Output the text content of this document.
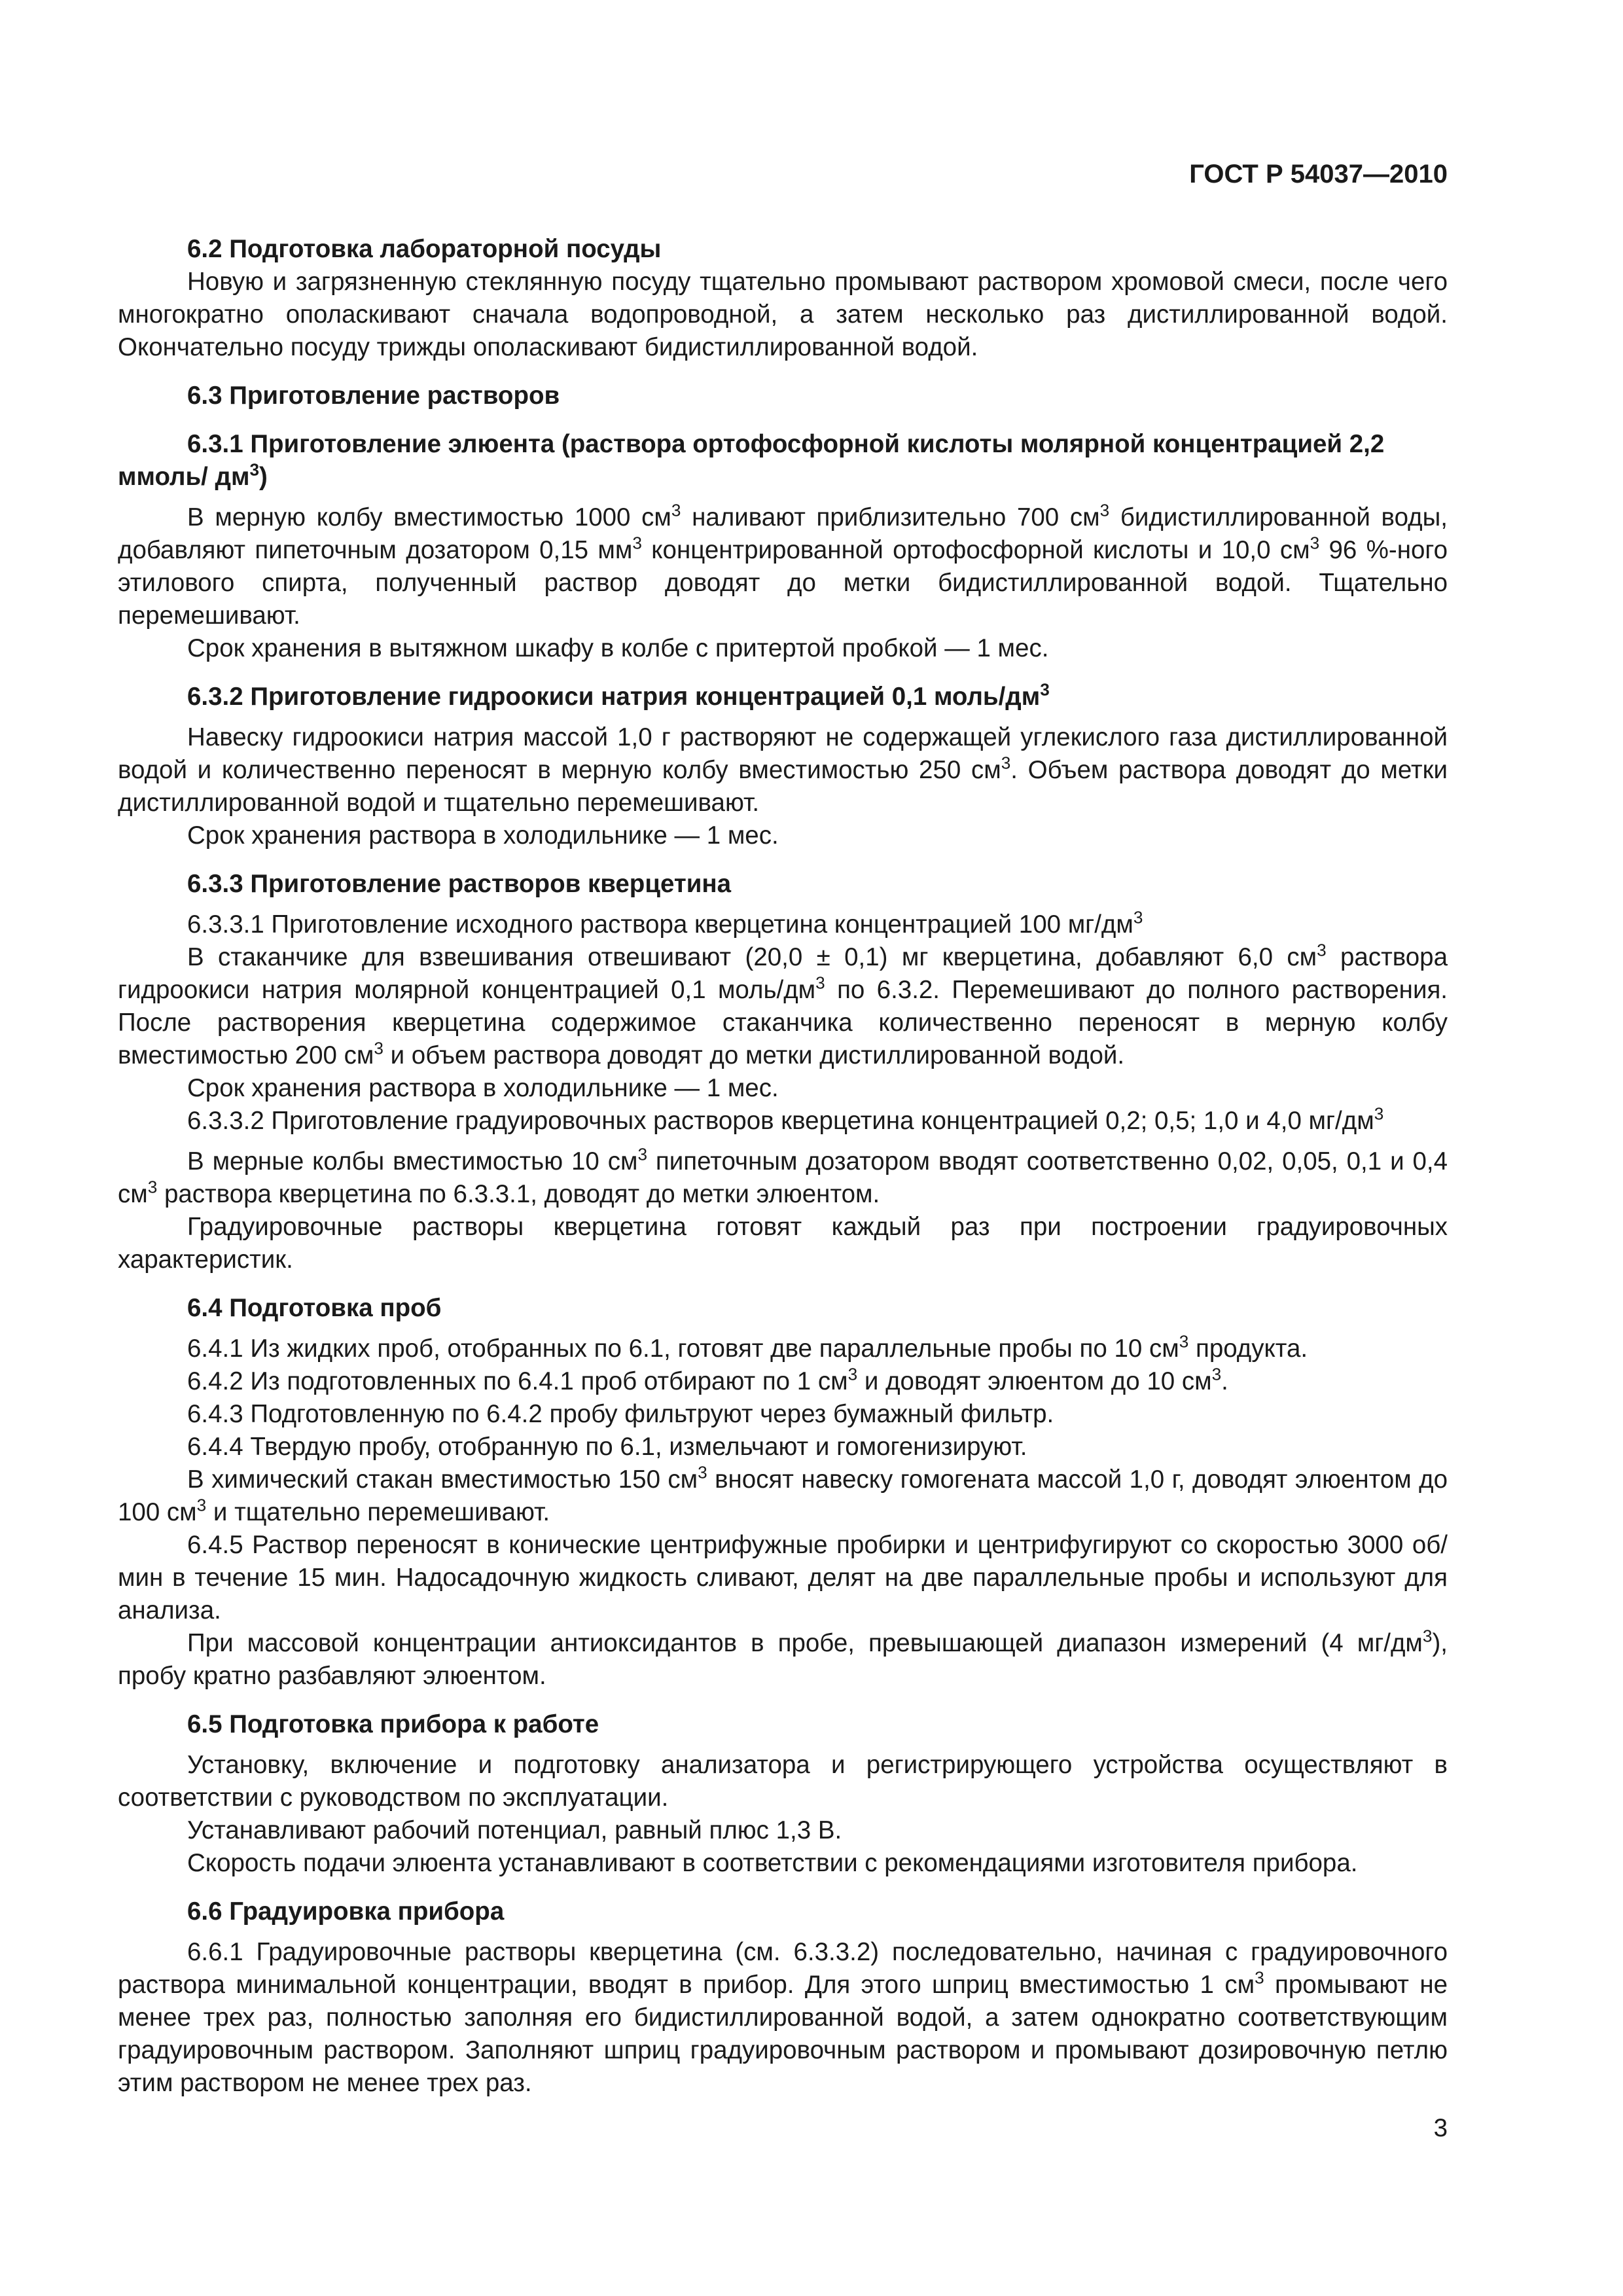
ГОСТ Р 54037—2010
6.2 Подготовка лабораторной посуды

Новую и загрязненную стеклянную посуду тщательно промывают раствором хромовой смеси, после чего многократно ополаскивают сначала водопроводной, а затем несколько раз дистиллированной водой. Окончательно посуду трижды ополаскивают бидистиллированной водой.

6.3 Приготовление растворов
6.3.1 Приготовление элюента (раствора ортофосфорной кислоты молярной концентрацией 2,2 ммоль/ $дм^3$)

В мерную колбу вместимостью 1000 $см^3$ наливают приблизительно 700 $см^3$ бидистиллированной воды, добавляют пипеточным дозатором 0,15 $мм^3$ концентрированной ортофосфорной кислоты и 10,0 $см^3$ 96 %-ного этилового спирта, полученный раствор доводят до метки бидистиллированной водой. Тщательно перемешивают.

Срок хранения в вытяжном шкафу в колбе с притертой пробкой — 1 мес.

6.3.2 Приготовление гидроокиси натрия концентрацией 0,1 моль/$дм^3$

Навеску гидроокиси натрия массой 1,0 г растворяют не содержащей углекислого газа дистиллированной водой и количественно переносят в мерную колбу вместимостью 250 $см^3$. Объем раствора доводят до метки дистиллированной водой и тщательно перемешивают.

Срок хранения раствора в холодильнике — 1 мес.

6.3.3 Приготовление растворов кверцетина

6.3.3.1 Приготовление исходного раствора кверцетина концентрацией 100 $мг/дм^3$

В стаканчике для взвешивания отвешивают (20,0 ± 0,1) мг кверцетина, добавляют 6,0 $см^3$ раствора гидроокиси натрия молярной концентрацией 0,1 моль/$дм^3$ по 6.3.2. Перемешивают до полного растворения. После растворения кверцетина содержимое стаканчика количественно переносят в мерную колбу вместимостью 200 $см^3$ и объем раствора доводят до метки дистиллированной водой.

Срок хранения раствора в холодильнике — 1 мес.

6.3.3.2 Приготовление градуировочных растворов кверцетина концентрацией 0,2; 0,5; 1,0 и 4,0 $мг/дм^3$

В мерные колбы вместимостью 10 $см^3$ пипеточным дозатором вводят соответственно 0,02, 0,05, 0,1 и 0,4 $см^3$ раствора кверцетина по 6.3.3.1, доводят до метки элюентом.

Градуировочные растворы кверцетина готовят каждый раз при построении градуировочных характеристик.

6.4 Подготовка проб

6.4.1 Из жидких проб, отобранных по 6.1, готовят две параллельные пробы по 10 $см^3$ продукта.

6.4.2 Из подготовленных по 6.4.1 проб отбирают по 1 $см^3$ и доводят элюентом до 10 $см^3$.

6.4.3 Подготовленную по 6.4.2 пробу фильтруют через бумажный фильтр.

6.4.4 Твердую пробу, отобранную по 6.1, измельчают и гомогенизируют.

В химический стакан вместимостью 150 $см^3$ вносят навеску гомогената массой 1,0 г, доводят элюентом до 100 $см^3$ и тщательно перемешивают.

6.4.5 Раствор переносят в конические центрифужные пробирки и центрифугируют со скоростью 3000 об/мин в течение 15 мин. Надосадочную жидкость сливают, делят на две параллельные пробы и используют для анализа.

При массовой концентрации антиоксидантов в пробе, превышающей диапазон измерений (4 $мг/дм^3$), пробу кратно разбавляют элюентом.

6.5 Подготовка прибора к работе

Установку, включение и подготовку анализатора и регистрирующего устройства осуществляют в соответствии с руководством по эксплуатации.

Устанавливают рабочий потенциал, равный плюс 1,3 В.

Скорость подачи элюента устанавливают в соответствии с рекомендациями изготовителя прибора.

6.6 Градуировка прибора

6.6.1 Градуировочные растворы кверцетина (см. 6.3.3.2) последовательно, начиная с градуировочного раствора минимальной концентрации, вводят в прибор. Для этого шприц вместимостью 1 $см^3$ промывают не менее трех раз, полностью заполняя его бидистиллированной водой, а затем однократно соответствующим градуировочным раствором. Заполняют шприц градуировочным раствором и промывают дозировочную петлю этим раствором не менее трех раз.

3
